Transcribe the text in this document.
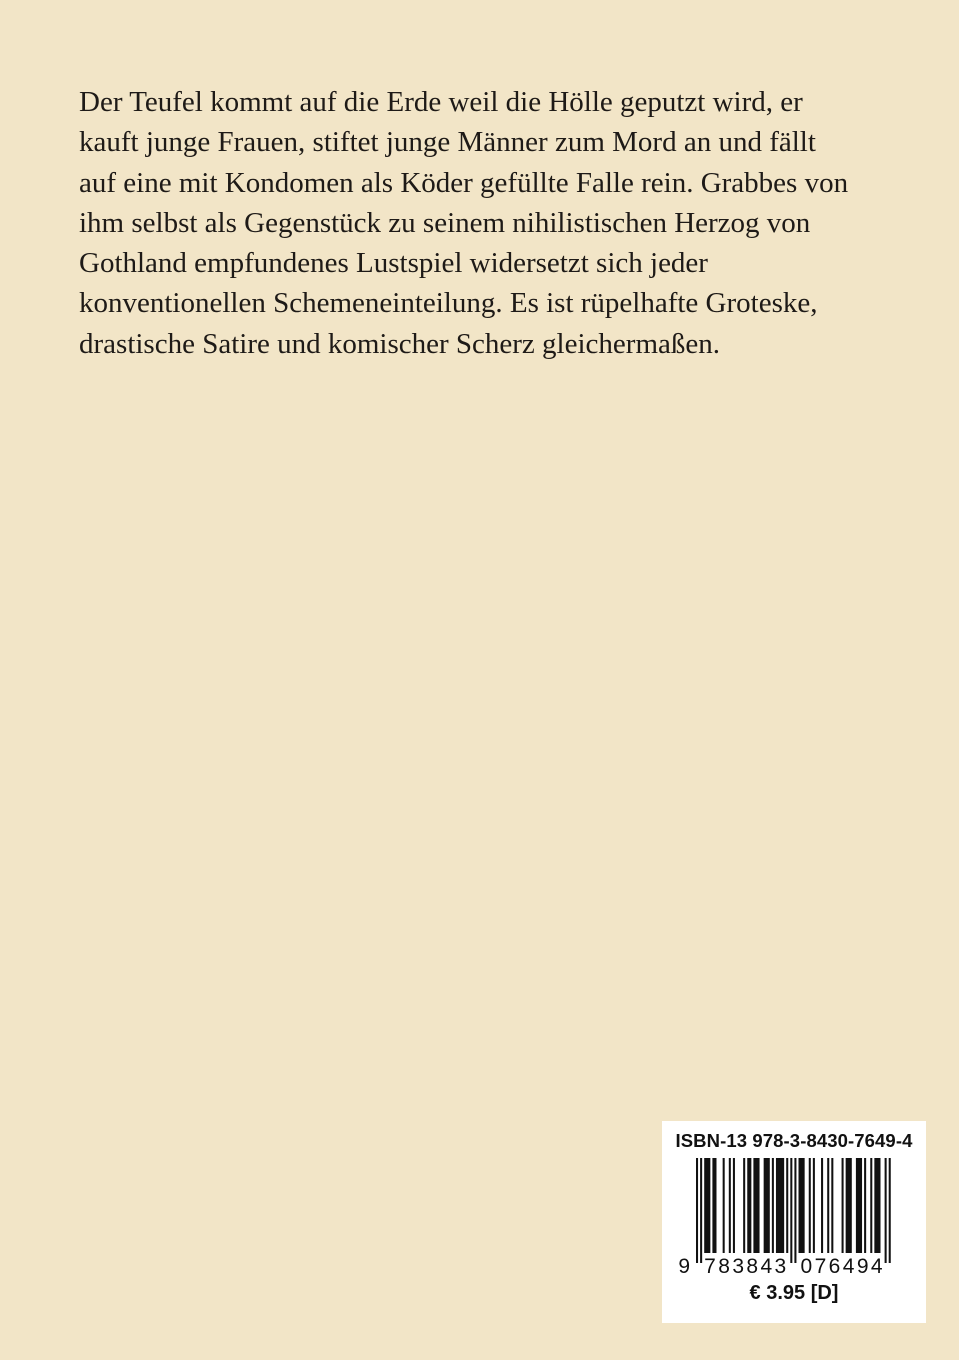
Der Teufel kommt auf die Erde weil die Hölle geputzt wird, er
kauft junge Frauen, stiftet junge Männer zum Mord an und fällt
auf eine mit Kondomen als Köder gefüllte Falle rein. Grabbes von
ihm selbst als Gegenstück zu seinem nihilistischen Herzog von
Gothland empfundenes Lustspiel widersetzt sich jeder
konventionellen Schemeneinteilung. Es ist rüpelhafte Groteske,
drastische Satire und komischer Scherz gleichermaßen.
ISBN-13 978-3-8430-7649-4
9 783843 076494
€ 3.95 [D]
